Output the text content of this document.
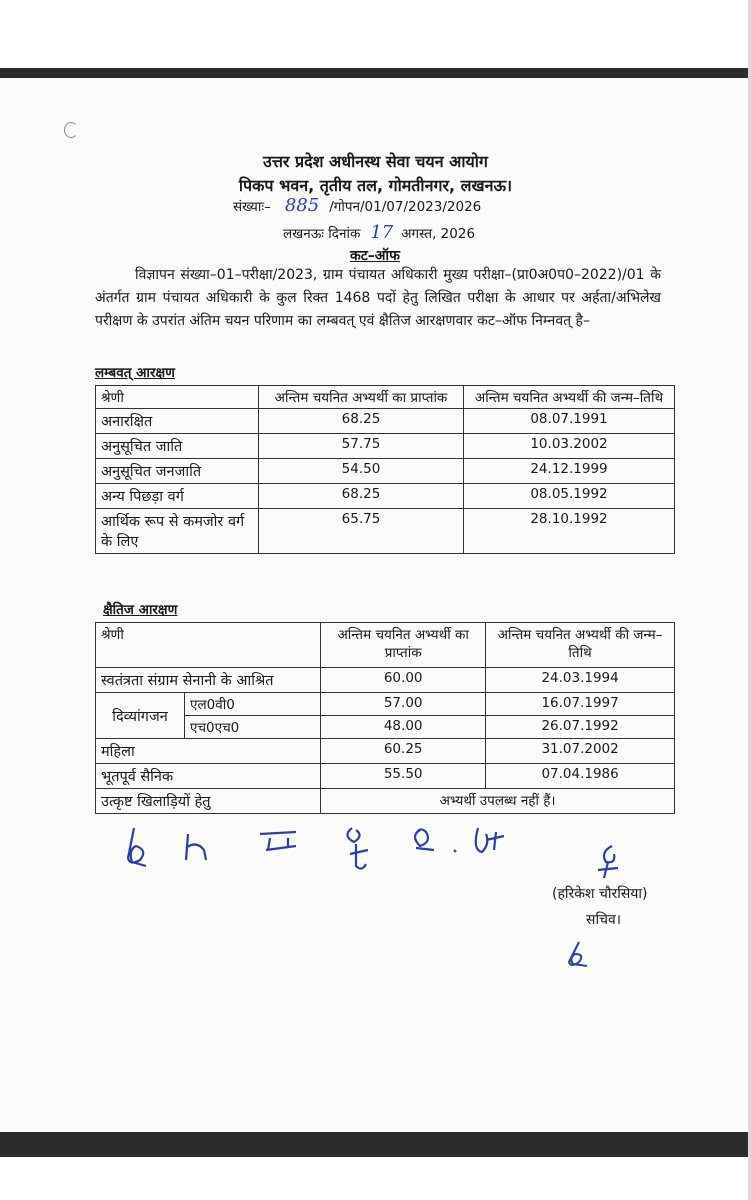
उत्तर प्रदेश अधीनस्थ सेवा चयन आयोग
पिकप भवन, तृतीय तल, गोमतीनगर, लखनऊ।
संख्याः– 885 /गोपन/01/07/2023/2026
लखनऊः दिनांक 17 अगस्त, 2026
कट–ऑफ
विज्ञापन संख्या–01–परीक्षा/2023, ग्राम पंचायत अधिकारी मुख्य परीक्षा–(प्रा0अ0प0–2022)/01 के अंतर्गत ग्राम पंचायत अधिकारी के कुल रिक्त 1468 पदों हेतु लिखित परीक्षा के आधार पर अर्हता/अभिलेख परीक्षण के उपरांत अंतिम चयन परिणाम का लम्बवत् एवं क्षैतिज आरक्षणवार कट–ऑफ निम्नवत् है–
लम्बवत् आरक्षण
श्रेणी	अन्तिम चयनित अभ्यर्थी का प्राप्तांक	अन्तिम चयनित अभ्यर्थी की जन्म–तिथि
अनारक्षित	68.25	08.07.1991
अनुसूचित जाति	57.75	10.03.2002
अनुसूचित जनजाति	54.50	24.12.1999
अन्य पिछड़ा वर्ग	68.25	08.05.1992
आर्थिक रूप से कमजोर वर्ग के लिए	65.75	28.10.1992
क्षैतिज आरक्षण
श्रेणी		अन्तिम चयनित अभ्यर्थी का प्राप्तांक	अन्तिम चयनित अभ्यर्थी की जन्म–तिथि
स्वतंत्रता संग्राम सेनानी के आश्रित		60.00	24.03.1994
दिव्यांगजन	एल0वी0	57.00	16.07.1997
	एच0एच0	48.00	26.07.1992
महिला		60.25	31.07.2002
भूतपूर्व सैनिक		55.50	07.04.1986
उत्कृष्ट खिलाड़ियों हेतु		अभ्यर्थी उपलब्ध नहीं हैं।	
(हरिकेश चौरसिया)
सचिव।
